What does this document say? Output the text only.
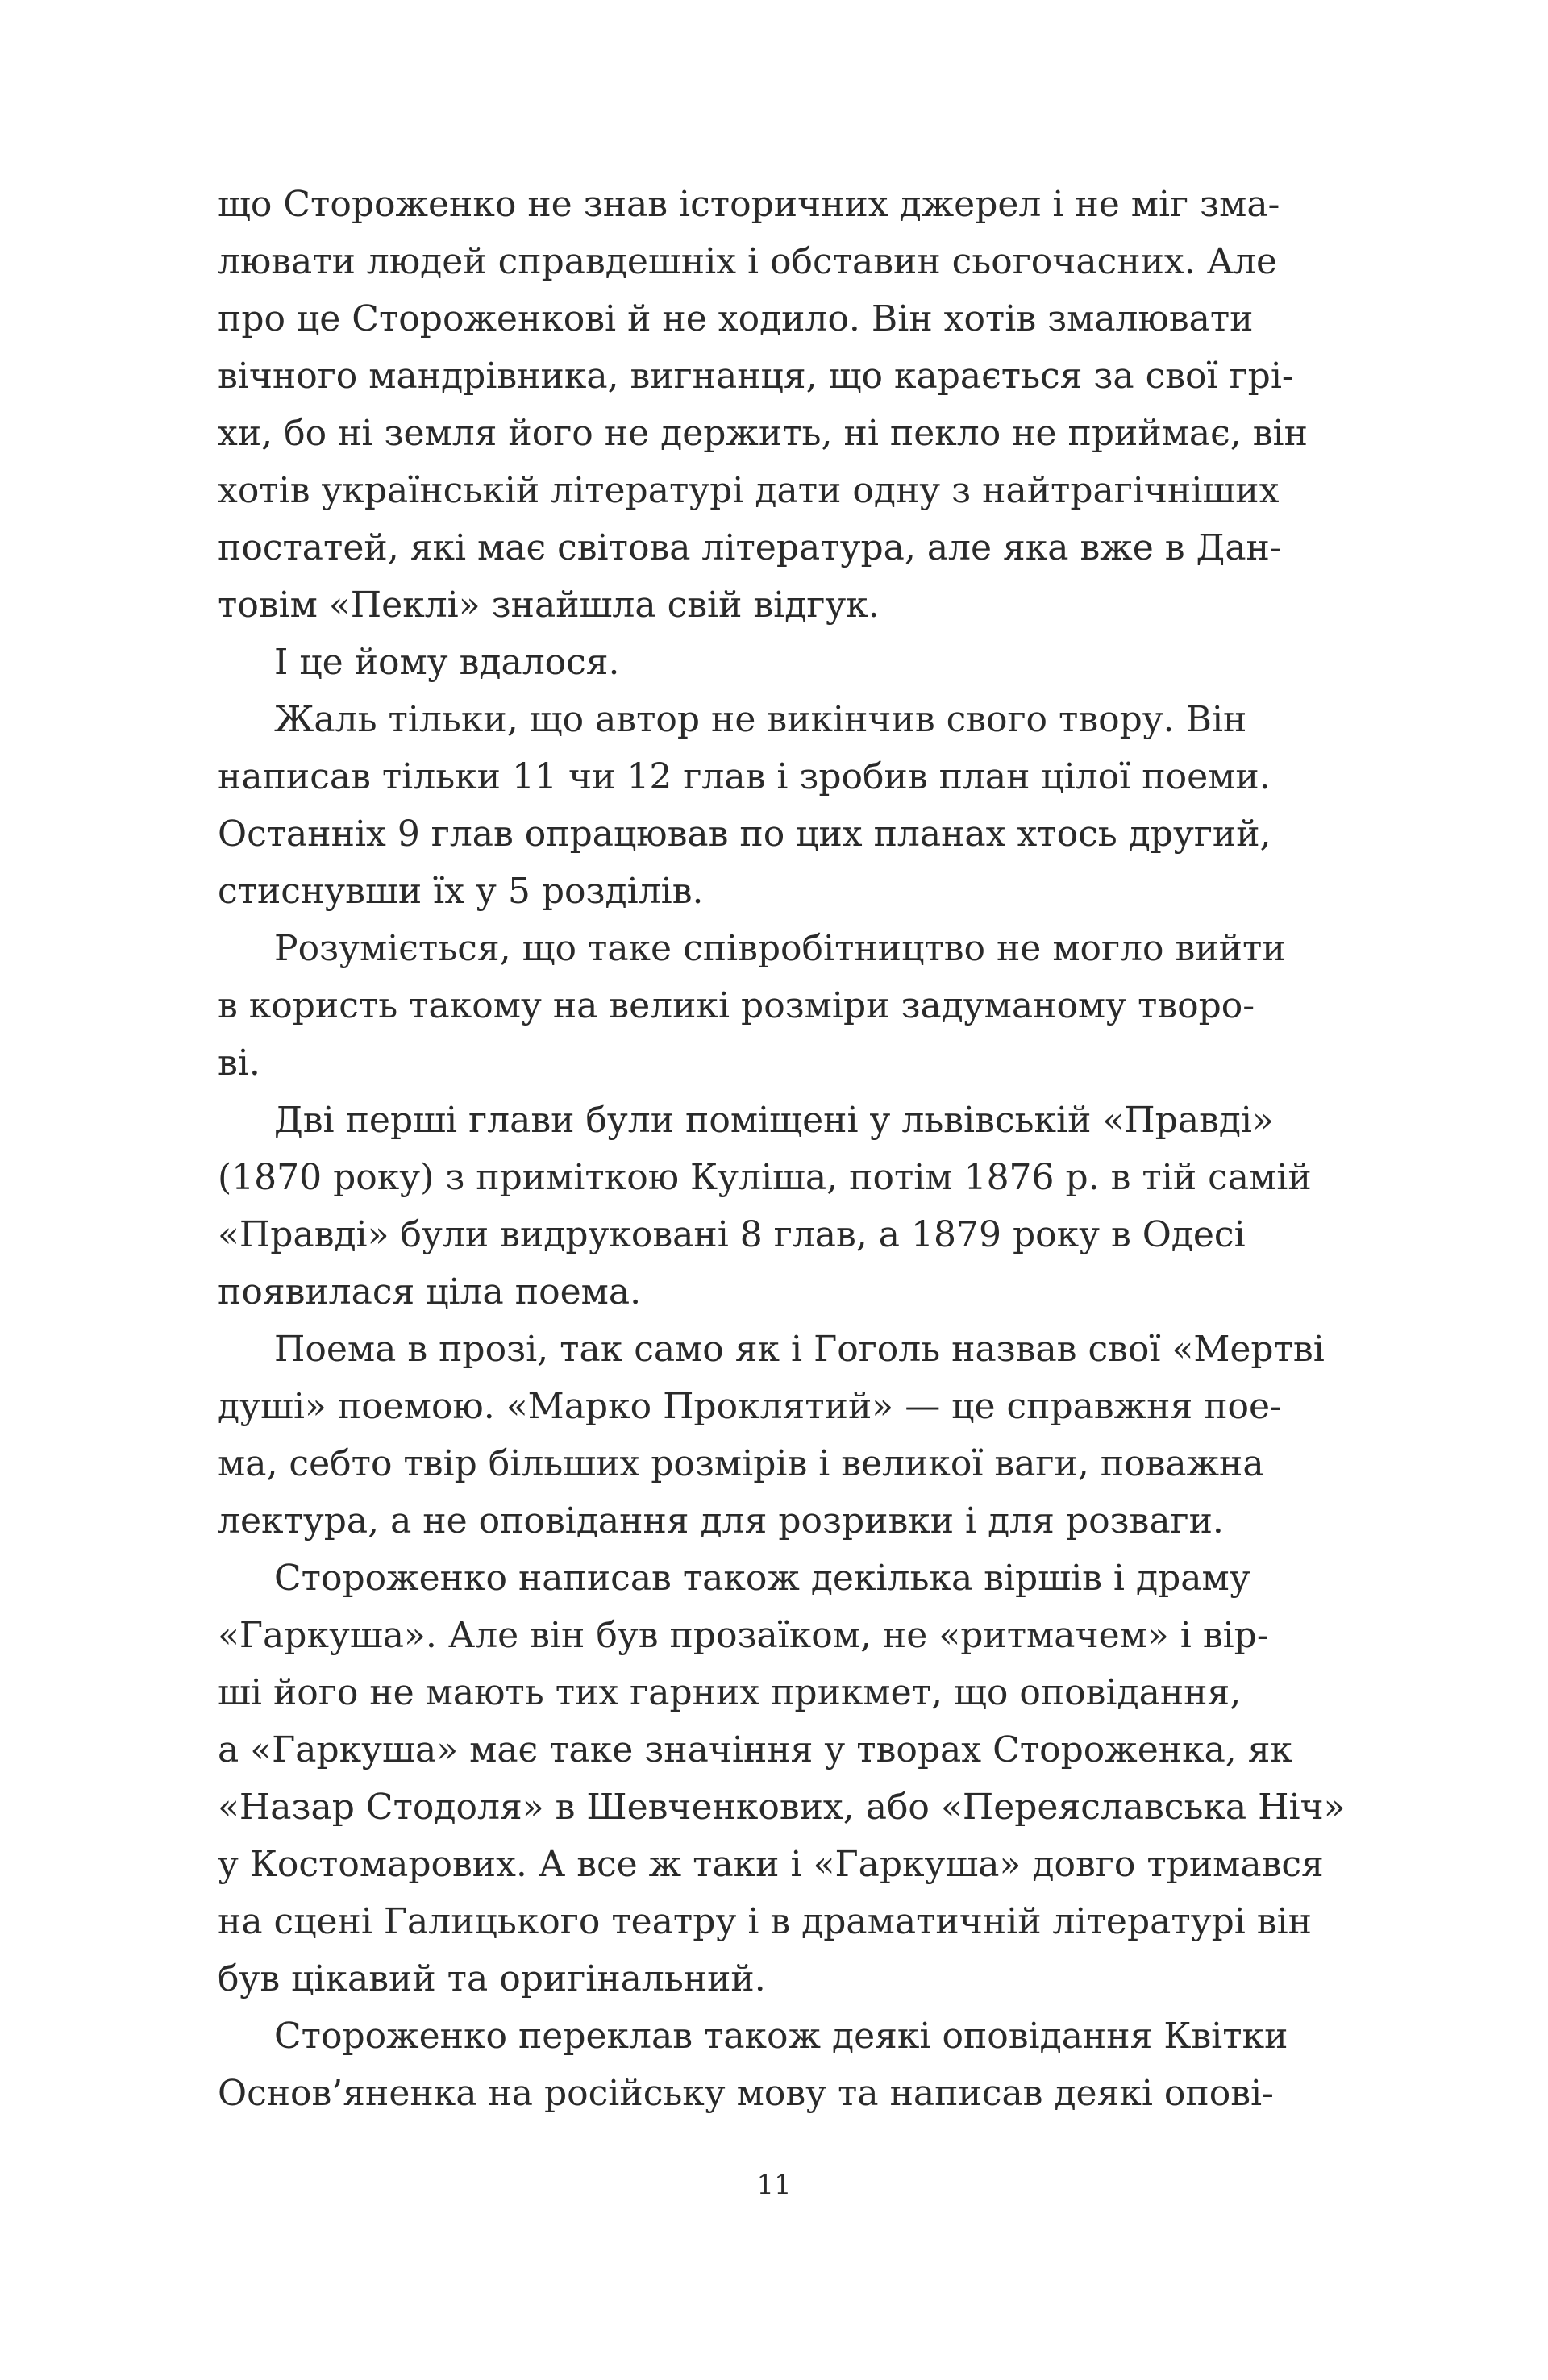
що Стороженко не знав історичних джерел і не міг зма-
лювати людей справдешніх і обставин сьогочасних. Але
про це Стороженкові й не ходило. Він хотів змалювати
вічного мандрівника, вигнанця, що карається за свої грі-
хи, бо ні земля його не держить, ні пекло не приймає, він
хотів українській літературі дати одну з найтрагічніших
постатей, які має світова література, але яка вже в Дан-
товім «Пеклі» знайшла свій відгук.
І це йому вдалося.
Жаль тільки, що автор не викінчив свого твору. Він
написав тільки 11 чи 12 глав і зробив план цілої поеми.
Останніх 9 глав опрацював по цих планах хтось другий,
стиснувши їх у 5 розділів.
Розуміється, що таке співробітництво не могло вийти
в користь такому на великі розміри задуманому творо-
ві.
Дві перші глави були поміщені у львівській «Правді»
(1870 року) з приміткою Куліша, потім 1876 р. в тій самій
«Правді» були видруковані 8 глав, а 1879 року в Одесі
появилася ціла поема.
Поема в прозі, так само як і Гоголь назвав свої «Мертві
душі» поемою. «Марко Проклятий» — це справжня пое-
ма, себто твір більших розмірів і великої ваги, поважна
лектура, а не оповідання для розривки і для розваги.
Стороженко написав також декілька віршів і драму
«Гаркуша». Але він був прозаїком, не «ритмачем» і вір-
ші його не мають тих гарних прикмет, що оповідання,
а «Гаркуша» має таке значіння у творах Стороженка, як
«Назар Стодоля» в Шевченкових, або «Переяславська Ніч»
у Костомарових. А все ж таки і «Гаркуша» довго тримався
на сцені Галицького театру і в драматичній літературі він
був цікавий та оригінальний.
Стороженко переклав також деякі оповідання Квітки
Основ’яненка на російську мову та написав деякі опові-
11
